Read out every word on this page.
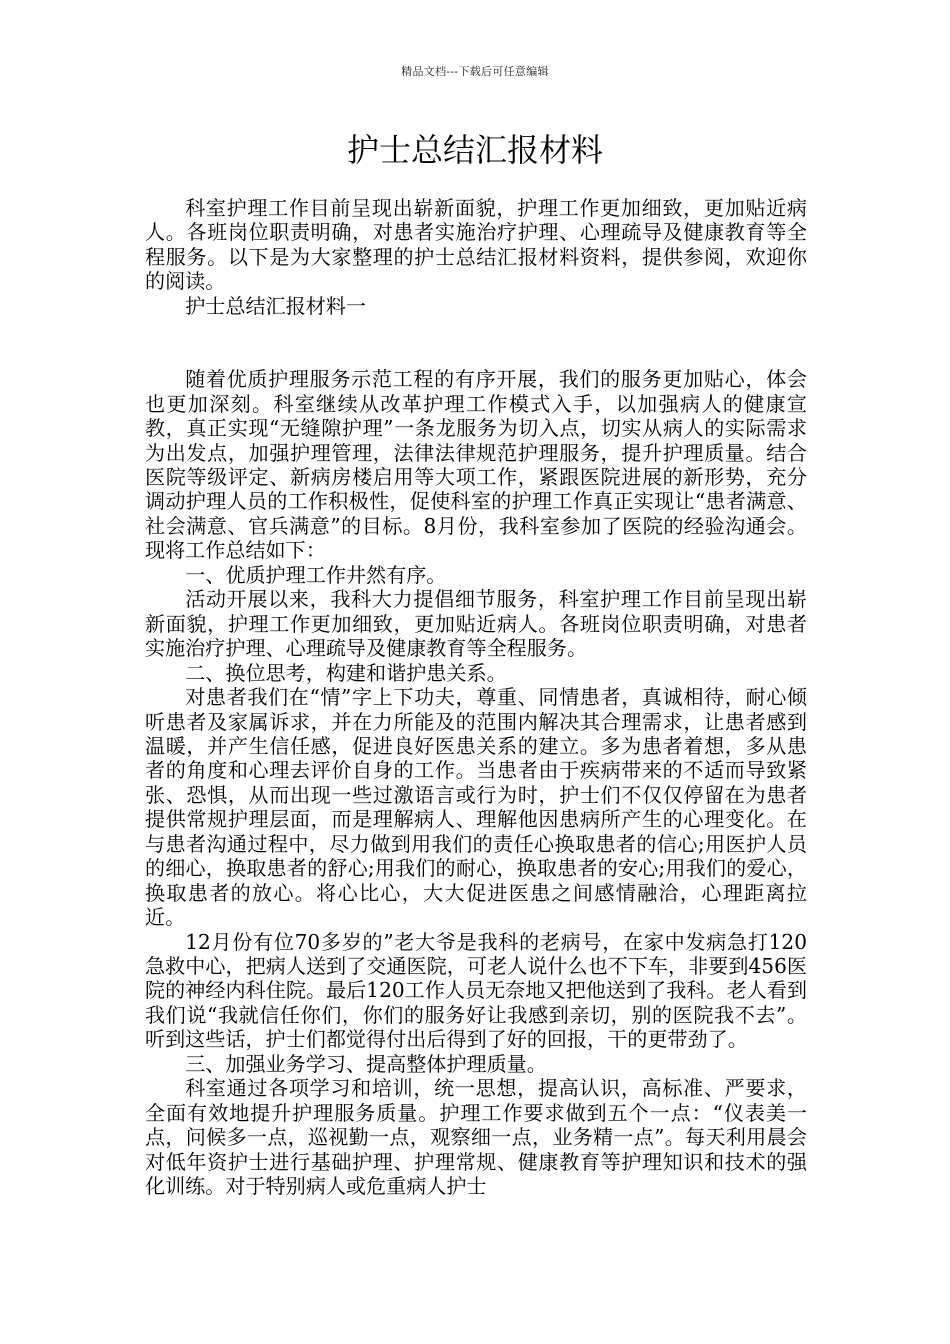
精品文档---下载后可任意编辑
护士总结汇报材料

科室护理工作目前呈现出崭新面貌，护理工作更加细致，更加贴近病人。各班岗位职责明确，对患者实施治疗护理、心理疏导及健康教育等全程服务。以下是为大家整理的护士总结汇报材料资料，提供参阅，欢迎你的阅读。

护士总结汇报材料一

随着优质护理服务示范工程的有序开展，我们的服务更加贴心，体会也更加深刻。科室继续从改革护理工作模式入手，以加强病人的健康宣教，真正实现“无缝隙护理”一条龙服务为切入点，切实从病人的实际需求为出发点，加强护理管理，法律法律规范护理服务，提升护理质量。结合医院等级评定、新病房楼启用等大项工作，紧跟医院进展的新形势，充分调动护理人员的工作积极性，促使科室的护理工作真正实现让“患者满意、社会满意、官兵满意”的目标。8月份，我科室参加了医院的经验沟通会。现将工作总结如下：

一、优质护理工作井然有序。

活动开展以来，我科大力提倡细节服务，科室护理工作目前呈现出崭新面貌，护理工作更加细致，更加贴近病人。各班岗位职责明确，对患者实施治疗护理、心理疏导及健康教育等全程服务。

二、换位思考，构建和谐护患关系。

对患者我们在“情”字上下功夫，尊重、同情患者，真诚相待，耐心倾听患者及家属诉求，并在力所能及的范围内解决其合理需求，让患者感到温暖，并产生信任感，促进良好医患关系的建立。多为患者着想，多从患者的角度和心理去评价自身的工作。当患者由于疾病带来的不适而导致紧张、恐惧，从而出现一些过激语言或行为时，护士们不仅仅停留在为患者提供常规护理层面，而是理解病人、理解他因患病所产生的心理变化。在与患者沟通过程中，尽力做到用我们的责任心换取患者的信心;用医护人员的细心，换取患者的舒心;用我们的耐心，换取患者的安心;用我们的爱心，换取患者的放心。将心比心，大大促进医患之间感情融洽，心理距离拉近。

12月份有位70多岁的”老大爷是我科的老病号，在家中发病急打120急救中心，把病人送到了交通医院，可老人说什么也不下车，非要到456医院的神经内科住院。最后120工作人员无奈地又把他送到了我科。老人看到我们说“我就信任你们，你们的服务好让我感到亲切，别的医院我不去”。听到这些话，护士们都觉得付出后得到了好的回报，干的更带劲了。

三、加强业务学习、提高整体护理质量。

科室通过各项学习和培训，统一思想，提高认识，高标准、严要求，全面有效地提升护理服务质量。护理工作要求做到五个一点：“仪表美一点，问候多一点，巡视勤一点，观察细一点，业务精一点”。每天利用晨会对低年资护士进行基础护理、护理常规、健康教育等护理知识和技术的强化训练。对于特别病人或危重病人护士
